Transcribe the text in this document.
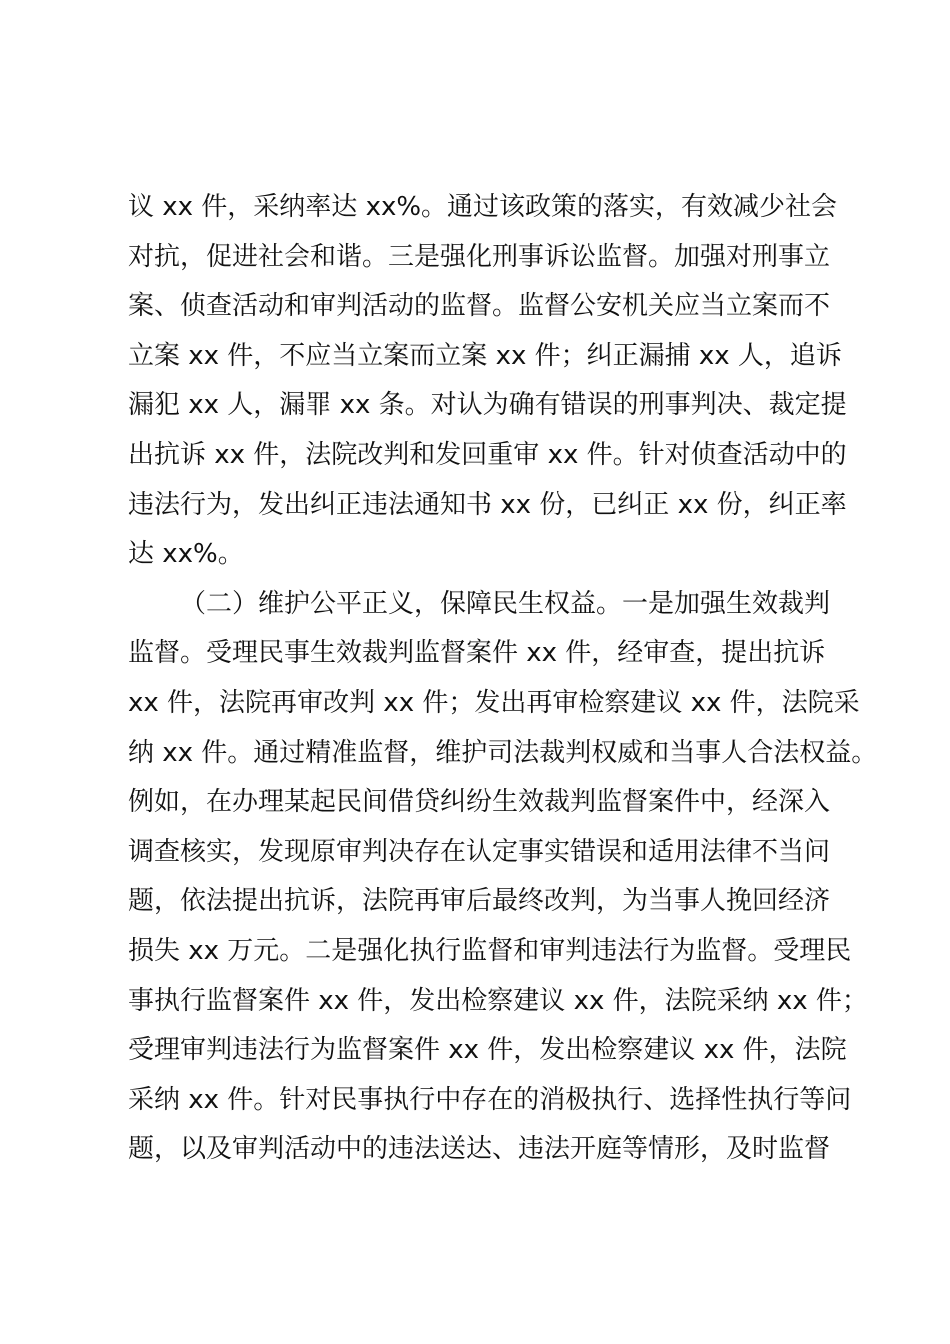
议 xx 件，采纳率达 xx%。通过该政策的落实，有效减少社会
对抗，促进社会和谐。三是强化刑事诉讼监督。加强对刑事立
案、侦查活动和审判活动的监督。监督公安机关应当立案而不
立案 xx 件，不应当立案而立案 xx 件；纠正漏捕 xx 人，追诉
漏犯 xx 人，漏罪 xx 条。对认为确有错误的刑事判决、裁定提
出抗诉 xx 件，法院改判和发回重审 xx 件。针对侦查活动中的
违法行为，发出纠正违法通知书 xx 份，已纠正 xx 份，纠正率
达 xx%。
（二）维护公平正义，保障民生权益。一是加强生效裁判
监督。受理民事生效裁判监督案件 xx 件，经审查，提出抗诉
xx 件，法院再审改判 xx 件；发出再审检察建议 xx 件，法院采
纳 xx 件。通过精准监督，维护司法裁判权威和当事人合法权益。
例如，在办理某起民间借贷纠纷生效裁判监督案件中，经深入
调查核实，发现原审判决存在认定事实错误和适用法律不当问
题，依法提出抗诉，法院再审后最终改判，为当事人挽回经济
损失 xx 万元。二是强化执行监督和审判违法行为监督。受理民
事执行监督案件 xx 件，发出检察建议 xx 件，法院采纳 xx 件；
受理审判违法行为监督案件 xx 件，发出检察建议 xx 件，法院
采纳 xx 件。针对民事执行中存在的消极执行、选择性执行等问
题，以及审判活动中的违法送达、违法开庭等情形，及时监督
